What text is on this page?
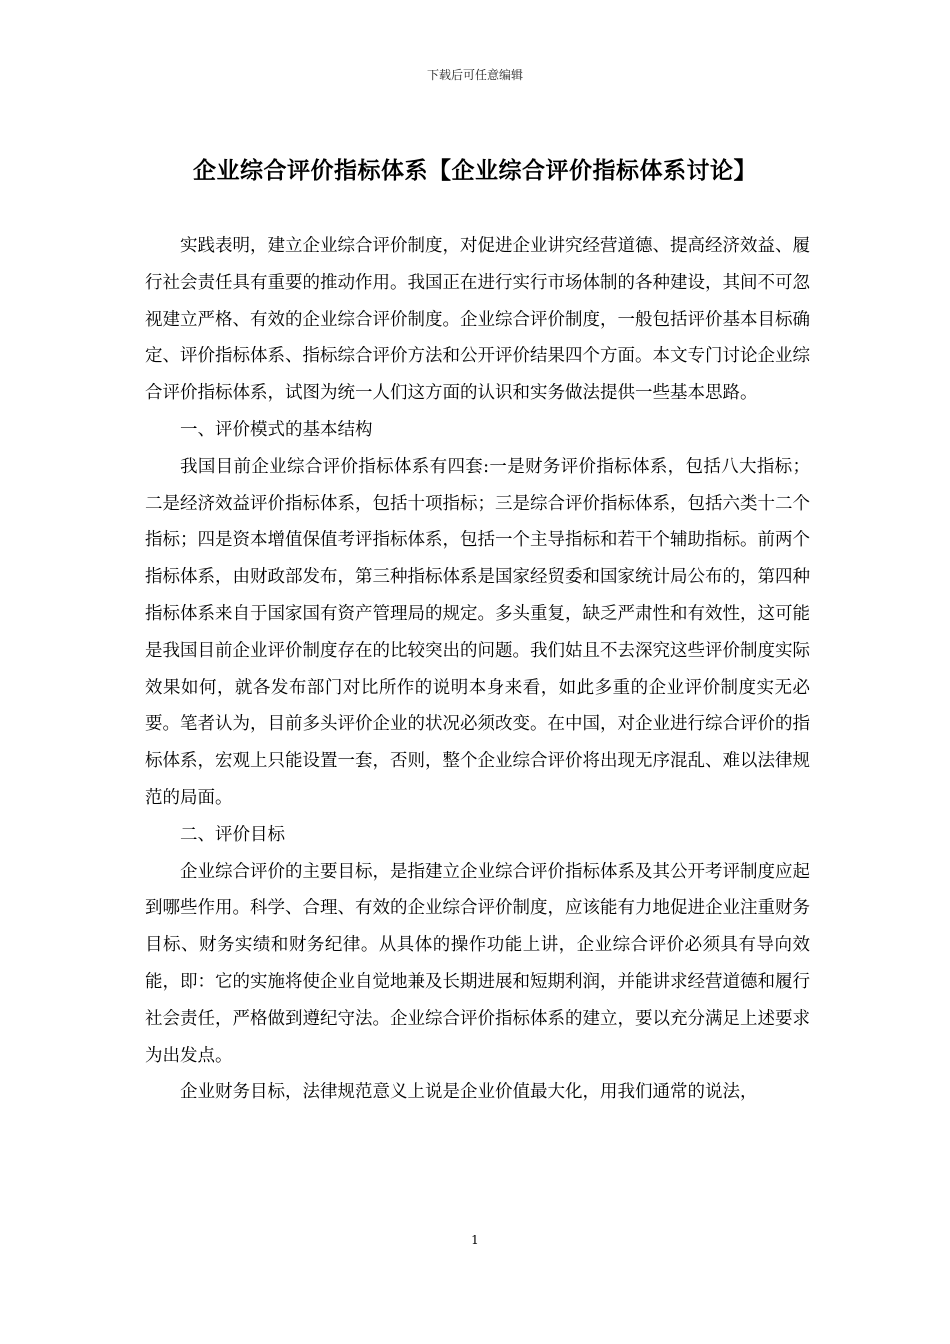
下载后可任意编辑
企业综合评价指标体系【企业综合评价指标体系讨论】

实践表明，建立企业综合评价制度，对促进企业讲究经营道德、提高经济效益、履行社会责任具有重要的推动作用。我国正在进行实行市场体制的各种建设，其间不可忽视建立严格、有效的企业综合评价制度。企业综合评价制度，一般包括评价基本目标确定、评价指标体系、指标综合评价方法和公开评价结果四个方面。本文专门讨论企业综合评价指标体系，试图为统一人们这方面的认识和实务做法提供一些基本思路。

一、评价模式的基本结构

我国目前企业综合评价指标体系有四套:一是财务评价指标体系，包括八大指标；二是经济效益评价指标体系，包括十项指标；三是综合评价指标体系，包括六类十二个指标；四是资本增值保值考评指标体系，包括一个主导指标和若干个辅助指标。前两个指标体系，由财政部发布，第三种指标体系是国家经贸委和国家统计局公布的，第四种指标体系来自于国家国有资产管理局的规定。多头重复，缺乏严肃性和有效性，这可能是我国目前企业评价制度存在的比较突出的问题。我们姑且不去深究这些评价制度实际效果如何，就各发布部门对比所作的说明本身来看，如此多重的企业评价制度实无必要。笔者认为，目前多头评价企业的状况必须改变。在中国，对企业进行综合评价的指标体系，宏观上只能设置一套，否则，整个企业综合评价将出现无序混乱、难以法律规范的局面。

二、评价目标

企业综合评价的主要目标，是指建立企业综合评价指标体系及其公开考评制度应起到哪些作用。科学、合理、有效的企业综合评价制度，应该能有力地促进企业注重财务目标、财务实绩和财务纪律。从具体的操作功能上讲，企业综合评价必须具有导向效能，即：它的实施将使企业自觉地兼及长期进展和短期利润，并能讲求经营道德和履行社会责任，严格做到遵纪守法。企业综合评价指标体系的建立，要以充分满足上述要求为出发点。

企业财务目标，法律规范意义上说是企业价值最大化，用我们通常的说法，

1
